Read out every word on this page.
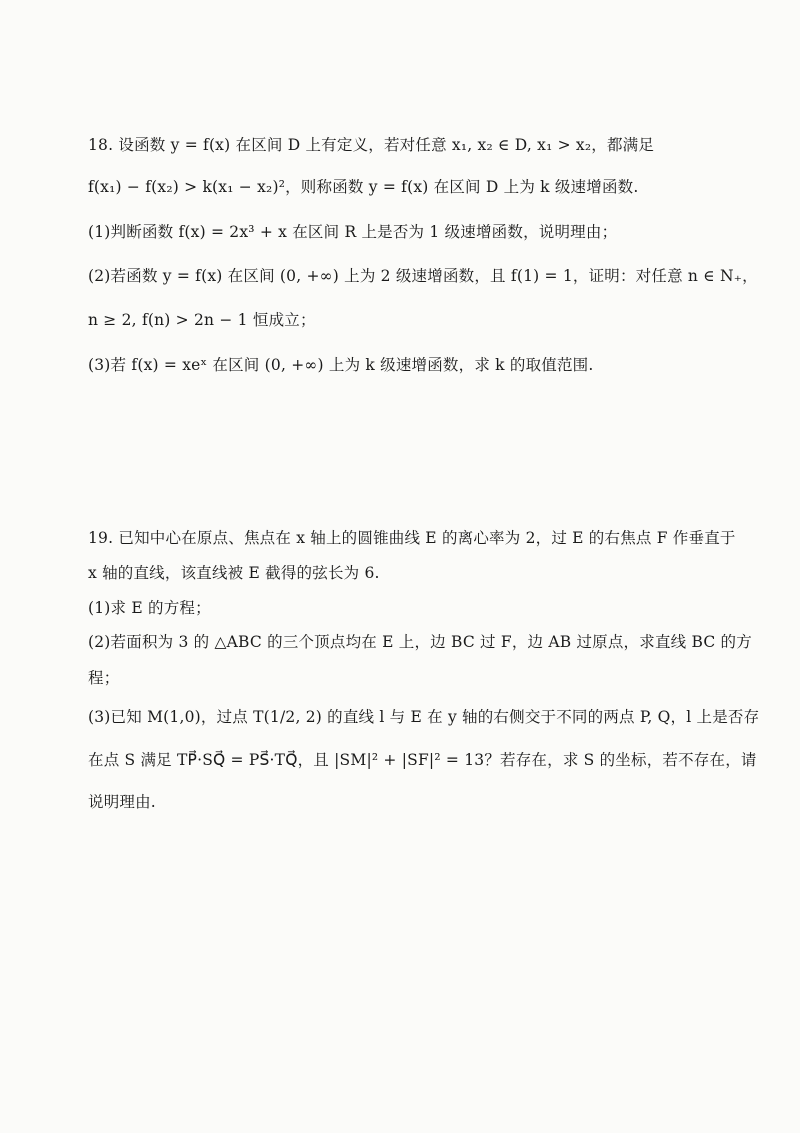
18. 设函数 y = f(x) 在区间 D 上有定义，若对任意 x₁, x₂ ∈ D, x₁ > x₂，都满足
f(x₁) − f(x₂) > k(x₁ − x₂)²，则称函数 y = f(x) 在区间 D 上为 k 级速增函数.
(1)判断函数 f(x) = 2x³ + x 在区间 R 上是否为 1 级速增函数，说明理由；
(2)若函数 y = f(x) 在区间 (0, +∞) 上为 2 级速增函数，且 f(1) = 1，证明：对任意 n ∈ N₊，
n ≥ 2, f(n) > 2n − 1 恒成立；
(3)若 f(x) = xeˣ 在区间 (0, +∞) 上为 k 级速增函数，求 k 的取值范围.
19. 已知中心在原点、焦点在 x 轴上的圆锥曲线 E 的离心率为 2，过 E 的右焦点 F 作垂直于
x 轴的直线，该直线被 E 截得的弦长为 6.
(1)求 E 的方程；
(2)若面积为 3 的 △ABC 的三个顶点均在 E 上，边 BC 过 F，边 AB 过原点，求直线 BC 的方
程；
(3)已知 M(1,0)，过点 T(1/2, 2) 的直线 l 与 E 在 y 轴的右侧交于不同的两点 P, Q，l 上是否存
在点 S 满足 TP⃗·SQ⃗ = PS⃗·TQ⃗，且 |SM|² + |SF|² = 13？若存在，求 S 的坐标，若不存在，请
说明理由.
